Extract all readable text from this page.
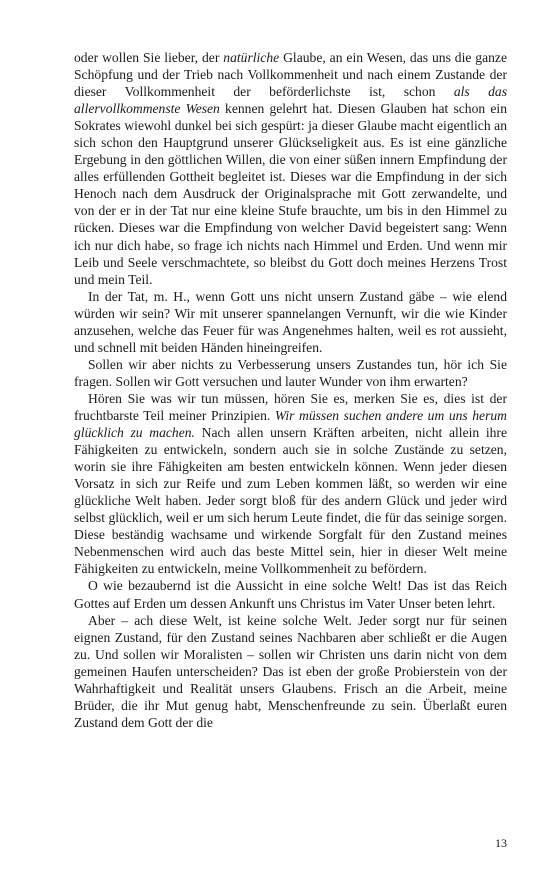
oder wollen Sie lieber, der natürliche Glaube, an ein Wesen, das uns die ganze Schöpfung und der Trieb nach Vollkommenheit und nach einem Zustande der dieser Vollkommenheit der beförderlichste ist, schon als das allervollkommenste Wesen kennen gelehrt hat. Diesen Glauben hat schon ein Sokrates wiewohl dunkel bei sich gespürt: ja dieser Glaube macht eigentlich an sich schon den Hauptgrund unserer Glückseligkeit aus. Es ist eine gänzliche Ergebung in den göttlichen Willen, die von einer süßen innern Empfindung der alles erfüllenden Gottheit begleitet ist. Dieses war die Empfindung in der sich Henoch nach dem Ausdruck der Originalsprache mit Gott zerwandelte, und von der er in der Tat nur eine kleine Stufe brauchte, um bis in den Himmel zu rücken. Dieses war die Empfindung von welcher David begeistert sang: Wenn ich nur dich habe, so frage ich nichts nach Himmel und Erden. Und wenn mir Leib und Seele verschmachtete, so bleibst du Gott doch meines Herzens Trost und mein Teil.

In der Tat, m. H., wenn Gott uns nicht unsern Zustand gäbe – wie elend würden wir sein? Wir mit unserer spannelangen Vernunft, wir die wie Kinder anzusehen, welche das Feuer für was Angenehmes halten, weil es rot aussieht, und schnell mit beiden Händen hineingreifen.

Sollen wir aber nichts zu Verbesserung unsers Zustandes tun, hör ich Sie fragen. Sollen wir Gott versuchen und lauter Wunder von ihm erwarten?

Hören Sie was wir tun müssen, hören Sie es, merken Sie es, dies ist der fruchtbarste Teil meiner Prinzipien. Wir müssen suchen andere um uns herum glücklich zu machen. Nach allen unsern Kräften arbeiten, nicht allein ihre Fähigkeiten zu entwickeln, sondern auch sie in solche Zustände zu setzen, worin sie ihre Fähigkeiten am besten entwickeln können. Wenn jeder diesen Vorsatz in sich zur Reife und zum Leben kommen läßt, so werden wir eine glückliche Welt haben. Jeder sorgt bloß für des andern Glück und jeder wird selbst glücklich, weil er um sich herum Leute findet, die für das seinige sorgen. Diese beständig wachsame und wirkende Sorgfalt für den Zustand meines Nebenmenschen wird auch das beste Mittel sein, hier in dieser Welt meine Fähigkeiten zu entwickeln, meine Vollkommenheit zu befördern.

O wie bezaubernd ist die Aussicht in eine solche Welt! Das ist das Reich Gottes auf Erden um dessen Ankunft uns Christus im Vater Unser beten lehrt.

Aber – ach diese Welt, ist keine solche Welt. Jeder sorgt nur für seinen eignen Zustand, für den Zustand seines Nachbaren aber schließt er die Augen zu. Und sollen wir Moralisten – sollen wir Christen uns darin nicht von dem gemeinen Haufen unterscheiden? Das ist eben der große Probierstein von der Wahrhaftigkeit und Realität unsers Glaubens. Frisch an die Arbeit, meine Brüder, die ihr Mut genug habt, Menschenfreunde zu sein. Überlaßt euren Zustand dem Gott der die

13
